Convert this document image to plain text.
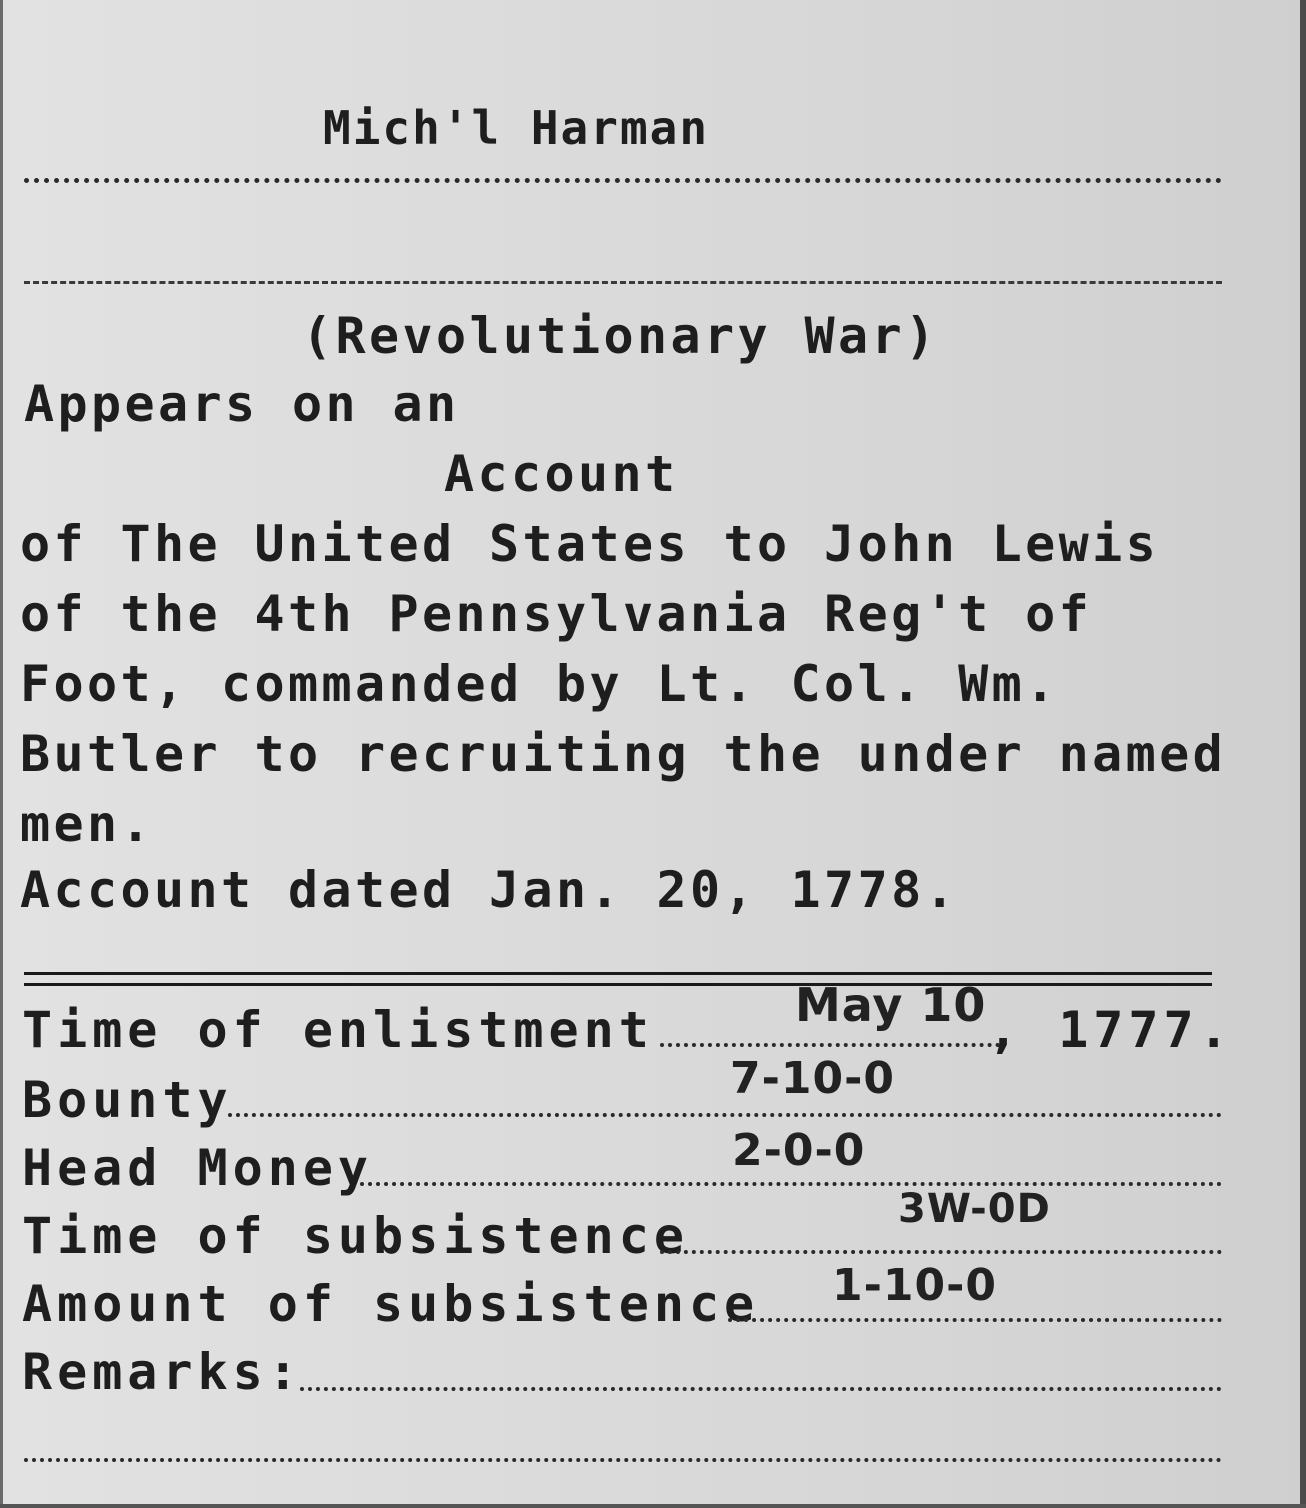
Mich'l Harman
(Revolutionary War)
Appears on an
Account
of The United States to John Lewis
of the 4th Pennsylvania Reg't of
Foot, commanded by Lt. Col. Wm.
Butler to recruiting the under named
men.
Account dated Jan. 20, 1778.
Time of enlistment	May 10 , 1777.
Bounty	7-10-0
Head Money	2-0-0
Time of subsistence	3W-0D
Amount of subsistence 1-10-0
Remarks:
